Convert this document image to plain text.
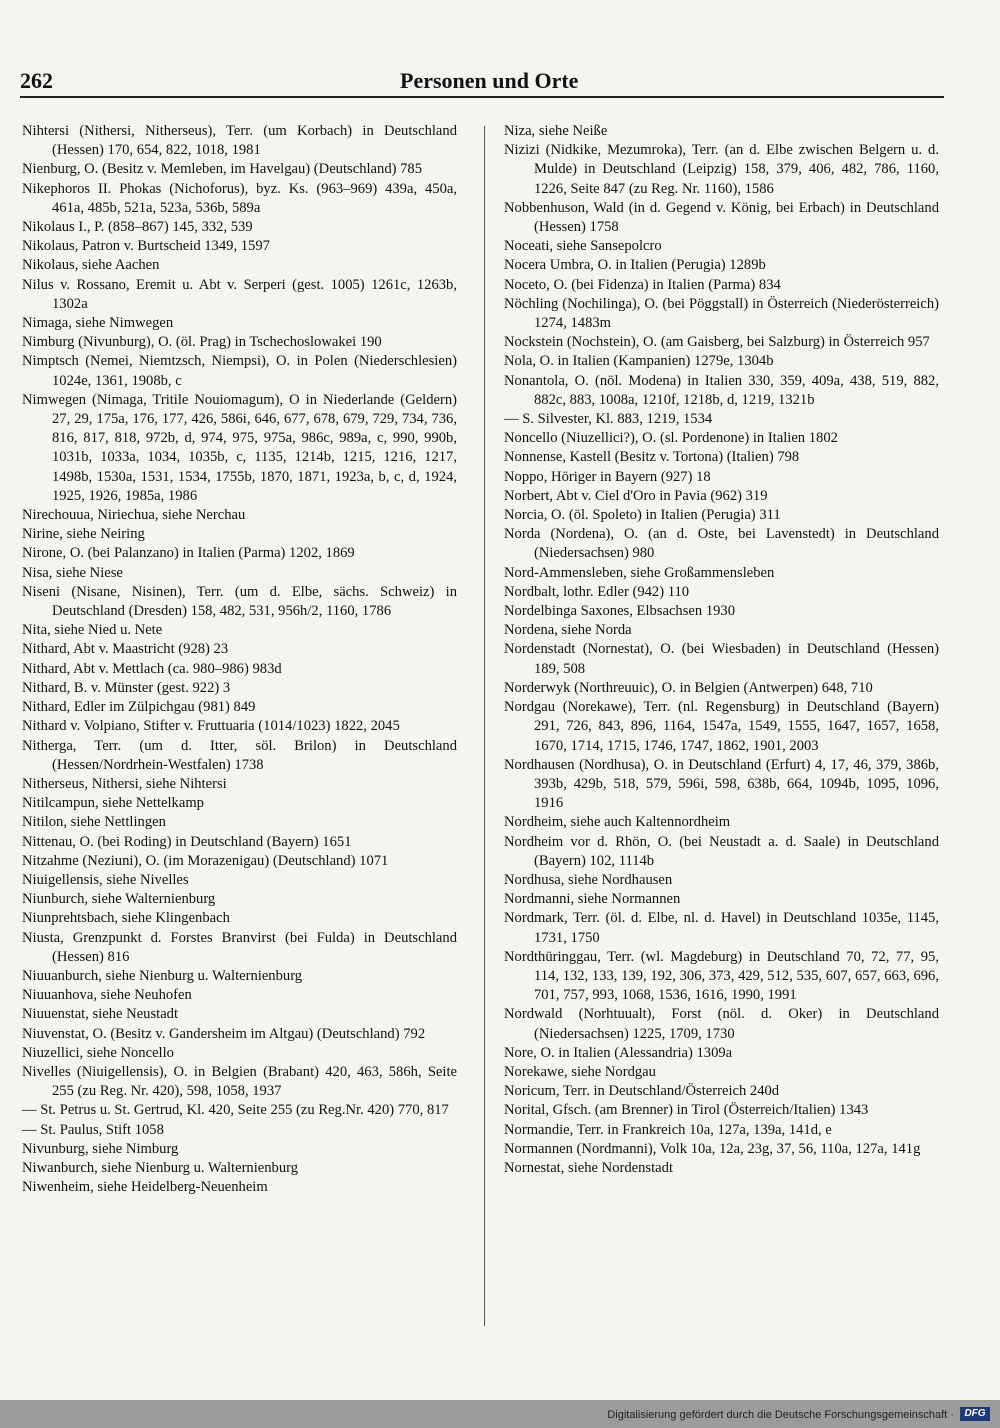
262	Personen und Orte

Nihtersi (Nithersi, Nitherseus), Terr. (um Korbach) in Deutschland (Hessen) 170, 654, 822, 1018, 1981

Nienburg, O. (Besitz v. Memleben, im Havelgau) (Deutschland) 785

Nikephoros II. Phokas (Nichoforus), byz. Ks. (963–969) 439a, 450a, 461a, 485b, 521a, 523a, 536b, 589a

Nikolaus I., P. (858–867) 145, 332, 539

Nikolaus, Patron v. Burtscheid 1349, 1597

Nikolaus, siehe Aachen

Nilus v. Rossano, Eremit u. Abt v. Serperi (gest. 1005) 1261c, 1263b, 1302a

Nimaga, siehe Nimwegen

Nimburg (Nivunburg), O. (öl. Prag) in Tschechoslowakei 190

Nimptsch (Nemei, Niemtzsch, Niempsi), O. in Polen (Niederschlesien) 1024e, 1361, 1908b, c

Nimwegen (Nimaga, Tritile Nouiomagum), O in Niederlande (Geldern) 27, 29, 175a, 176, 177, 426, 586i, 646, 677, 678, 679, 729, 734, 736, 816, 817, 818, 972b, d, 974, 975, 975a, 986c, 989a, c, 990, 990b, 1031b, 1033a, 1034, 1035b, c, 1135, 1214b, 1215, 1216, 1217, 1498b, 1530a, 1531, 1534, 1755b, 1870, 1871, 1923a, b, c, d, 1924, 1925, 1926, 1985a, 1986

Nirechouua, Niriechua, siehe Nerchau

Nirine, siehe Neiring

Nirone, O. (bei Palanzano) in Italien (Parma) 1202, 1869

Nisa, siehe Niese

Niseni (Nisane, Nisinen), Terr. (um d. Elbe, sächs. Schweiz) in Deutschland (Dresden) 158, 482, 531, 956h/2, 1160, 1786

Nita, siehe Nied u. Nete

Nithard, Abt v. Maastricht (928) 23

Nithard, Abt v. Mettlach (ca. 980–986) 983d

Nithard, B. v. Münster (gest. 922) 3

Nithard, Edler im Zülpichgau (981) 849

Nithard v. Volpiano, Stifter v. Fruttuaria (1014/1023) 1822, 2045

Nitherga, Terr. (um d. Itter, söl. Brilon) in Deutschland (Hessen/Nordrhein-Westfalen) 1738

Nitherseus, Nithersi, siehe Nihtersi

Nitilcampun, siehe Nettelkamp

Nitilon, siehe Nettlingen

Nittenau, O. (bei Roding) in Deutschland (Bayern) 1651

Nitzahme (Neziuni), O. (im Morazenigau) (Deutschland) 1071

Niuigellensis, siehe Nivelles

Niunburch, siehe Walternienburg

Niunprehtsbach, siehe Klingenbach

Niusta, Grenzpunkt d. Forstes Branvirst (bei Fulda) in Deutschland (Hessen) 816

Niuuanburch, siehe Nienburg u. Walternienburg

Niuuanhova, siehe Neuhofen

Niuuenstat, siehe Neustadt

Niuvenstat, O. (Besitz v. Gandersheim im Altgau) (Deutschland) 792

Niuzellici, siehe Noncello

Nivelles (Niuigellensis), O. in Belgien (Brabant) 420, 463, 586h, Seite 255 (zu Reg. Nr. 420), 598, 1058, 1937

— St. Petrus u. St. Gertrud, Kl. 420, Seite 255 (zu Reg.Nr. 420) 770, 817

— St. Paulus, Stift 1058

Nivunburg, siehe Nimburg

Niwanburch, siehe Nienburg u. Walternienburg

Niwenheim, siehe Heidelberg-Neuenheim

Niza, siehe Neiße

Nizizi (Nidkike, Mezumroka), Terr. (an d. Elbe zwischen Belgern u. d. Mulde) in Deutschland (Leipzig) 158, 379, 406, 482, 786, 1160, 1226, Seite 847 (zu Reg. Nr. 1160), 1586

Nobbenhuson, Wald (in d. Gegend v. König, bei Erbach) in Deutschland (Hessen) 1758

Noceati, siehe Sansepolcro

Nocera Umbra, O. in Italien (Perugia) 1289b

Noceto, O. (bei Fidenza) in Italien (Parma) 834

Nöchling (Nochilinga), O. (bei Pöggstall) in Österreich (Niederösterreich) 1274, 1483m

Nockstein (Nochstein), O. (am Gaisberg, bei Salzburg) in Österreich 957

Nola, O. in Italien (Kampanien) 1279e, 1304b

Nonantola, O. (nöl. Modena) in Italien 330, 359, 409a, 438, 519, 882, 882c, 883, 1008a, 1210f, 1218b, d, 1219, 1321b

— S. Silvester, Kl. 883, 1219, 1534

Noncello (Niuzellici?), O. (sl. Pordenone) in Italien 1802

Nonnense, Kastell (Besitz v. Tortona) (Italien) 798

Noppo, Höriger in Bayern (927) 18

Norbert, Abt v. Ciel d'Oro in Pavia (962) 319

Norcia, O. (öl. Spoleto) in Italien (Perugia) 311

Norda (Nordena), O. (an d. Oste, bei Lavenstedt) in Deutschland (Niedersachsen) 980

Nord-Ammensleben, siehe Großammensleben

Nordbalt, lothr. Edler (942) 110

Nordelbinga Saxones, Elbsachsen 1930

Nordena, siehe Norda

Nordenstadt (Nornestat), O. (bei Wiesbaden) in Deutschland (Hessen) 189, 508

Norderwyk (Northreuuic), O. in Belgien (Antwerpen) 648, 710

Nordgau (Norekawe), Terr. (nl. Regensburg) in Deutschland (Bayern) 291, 726, 843, 896, 1164, 1547a, 1549, 1555, 1647, 1657, 1658, 1670, 1714, 1715, 1746, 1747, 1862, 1901, 2003

Nordhausen (Nordhusa), O. in Deutschland (Erfurt) 4, 17, 46, 379, 386b, 393b, 429b, 518, 579, 596i, 598, 638b, 664, 1094b, 1095, 1096, 1916

Nordheim, siehe auch Kaltennordheim

Nordheim vor d. Rhön, O. (bei Neustadt a. d. Saale) in Deutschland (Bayern) 102, 1114b

Nordhusa, siehe Nordhausen

Nordmanni, siehe Normannen

Nordmark, Terr. (öl. d. Elbe, nl. d. Havel) in Deutschland 1035e, 1145, 1731, 1750

Nordthüringgau, Terr. (wl. Magdeburg) in Deutschland 70, 72, 77, 95, 114, 132, 133, 139, 192, 306, 373, 429, 512, 535, 607, 657, 663, 696, 701, 757, 993, 1068, 1536, 1616, 1990, 1991

Nordwald (Norhtuualt), Forst (nöl. d. Oker) in Deutschland (Niedersachsen) 1225, 1709, 1730

Nore, O. in Italien (Alessandria) 1309a

Norekawe, siehe Nordgau

Noricum, Terr. in Deutschland/Österreich 240d

Norital, Gfsch. (am Brenner) in Tirol (Österreich/Italien) 1343

Normandie, Terr. in Frankreich 10a, 127a, 139a, 141d, e

Normannen (Nordmanni), Volk 10a, 12a, 23g, 37, 56, 110a, 127a, 141g

Nornestat, siehe Nordenstadt

Digitalisierung gefördert durch die Deutsche Forschungsgemeinschaft ·	DFG
